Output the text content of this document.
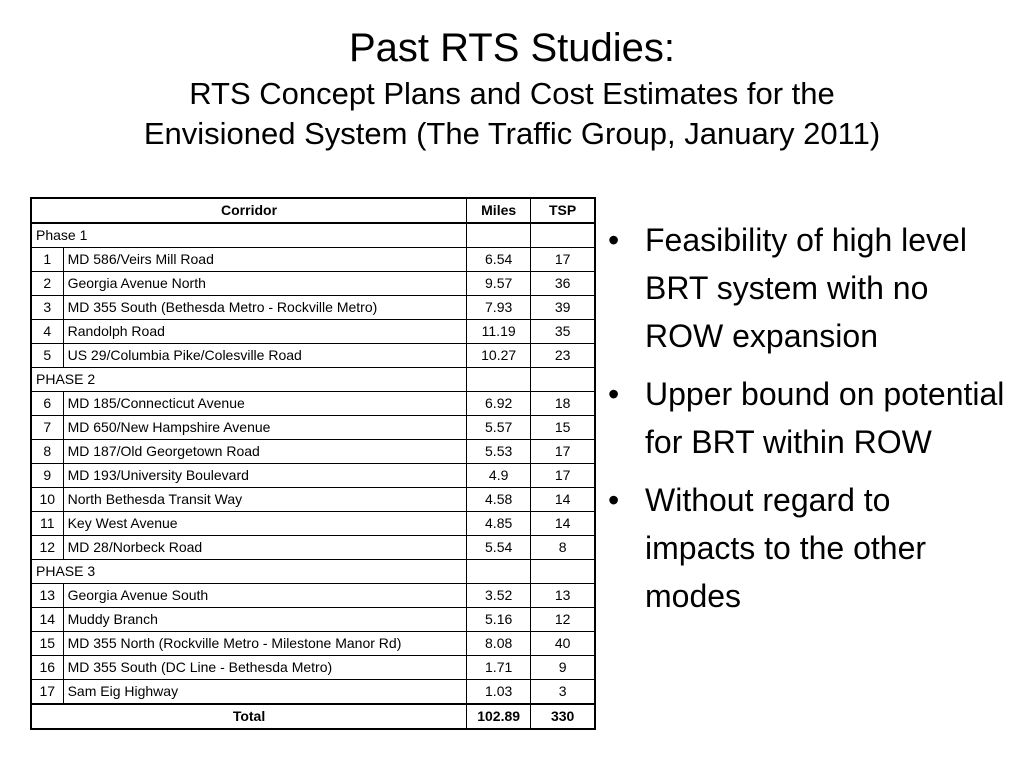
Past RTS Studies:
RTS Concept Plans and Cost Estimates for the
Envisioned System (The Traffic Group, January 2011)
Corridor		Miles	TSP
Phase 1			
1	MD 586/Veirs Mill Road	6.54	17
2	Georgia Avenue North	9.57	36
3	MD 355 South (Bethesda Metro - Rockville Metro)	7.93	39
4	Randolph Road	11.19	35
5	US 29/Columbia Pike/Colesville Road	10.27	23
PHASE 2			
6	MD 185/Connecticut Avenue	6.92	18
7	MD 650/New Hampshire Avenue	5.57	15
8	MD 187/Old Georgetown Road	5.53	17
9	MD 193/University Boulevard	4.9	17
10	North Bethesda Transit Way	4.58	14
11	Key West Avenue	4.85	14
12	MD 28/Norbeck Road	5.54	8
PHASE 3			
13	Georgia Avenue South	3.52	13
14	Muddy Branch	5.16	12
15	MD 355 North (Rockville Metro - Milestone Manor Rd)	8.08	40
16	MD 355 South (DC Line - Bethesda Metro)	1.71	9
17	Sam Eig Highway	1.03	3
Total		102.89	330
• Feasibility of high level BRT system with no ROW expansion
• Upper bound on potential for BRT within ROW
• Without regard to impacts to the other modes
